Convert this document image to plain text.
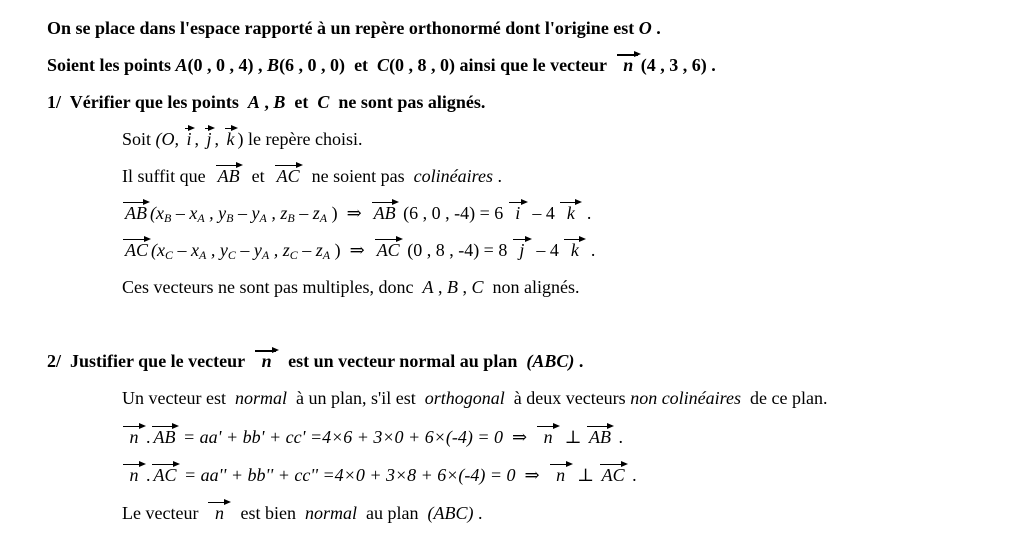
On se place dans l'espace rapporté à un repère orthonormé dont l'origine est O .
Soient les points A(0 , 0 , 4) , B(6 , 0 , 0) et C(0 , 8 , 0) ainsi que le vecteur n (4 , 3 , 6) .
1/ Vérifier que les points A , B et C ne sont pas alignés.
Soit (O, i , j , k ) le repère choisi.
Il suffit que AB et AC ne soient pas colinéaires .
AB ($x_B - x_A$ , $y_B - y_A$ , $z_B - z_A$ )  ⇒  AB (6 , 0 , -4) = 6 i – 4 k  .
AC ($x_C - x_A$ , $y_C - y_A$ , $z_C - z_A$ )  ⇒  AC (0 , 8 , -4) = 8 j – 4 k  .
Ces vecteurs ne sont pas multiples, donc A , B , C non alignés.
2/ Justifier que le vecteur n est un vecteur normal au plan (ABC) .
Un vecteur est normal à un plan, s'il est orthogonal à deux vecteurs non colinéaires de ce plan.
n . AB = aa' + bb' + cc' =4×6 + 3×0 + 6×(-4) = 0  ⇒   n ⊥ AB .
n . AC = aa'' + bb'' + cc'' =4×0 + 3×8 + 6×(-4) = 0  ⇒   n ⊥ AC .
Le vecteur n est bien normal au plan (ABC) .
